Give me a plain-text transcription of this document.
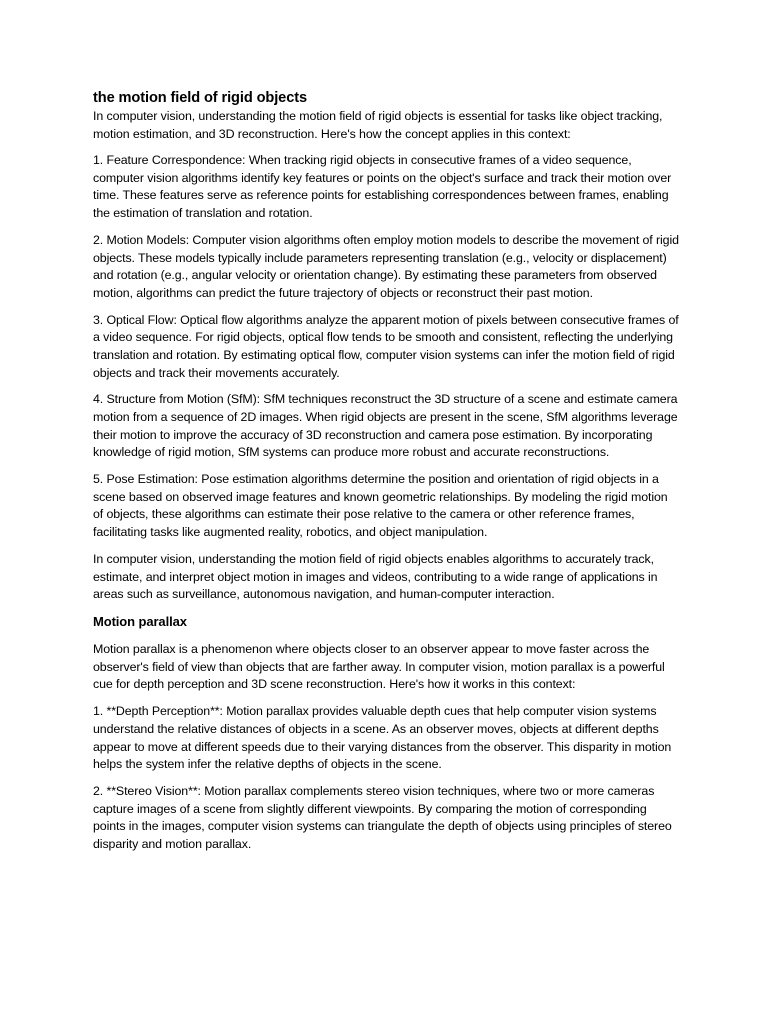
the motion field of rigid objects

In computer vision, understanding the motion field of rigid objects is essential for tasks like object tracking, motion estimation, and 3D reconstruction. Here's how the concept applies in this context:

1. Feature Correspondence: When tracking rigid objects in consecutive frames of a video sequence, computer vision algorithms identify key features or points on the object's surface and track their motion over time. These features serve as reference points for establishing correspondences between frames, enabling the estimation of translation and rotation.

2. Motion Models: Computer vision algorithms often employ motion models to describe the movement of rigid objects. These models typically include parameters representing translation (e.g., velocity or displacement) and rotation (e.g., angular velocity or orientation change). By estimating these parameters from observed motion, algorithms can predict the future trajectory of objects or reconstruct their past motion.

3. Optical Flow: Optical flow algorithms analyze the apparent motion of pixels between consecutive frames of a video sequence. For rigid objects, optical flow tends to be smooth and consistent, reflecting the underlying translation and rotation. By estimating optical flow, computer vision systems can infer the motion field of rigid objects and track their movements accurately.

4. Structure from Motion (SfM): SfM techniques reconstruct the 3D structure of a scene and estimate camera motion from a sequence of 2D images. When rigid objects are present in the scene, SfM algorithms leverage their motion to improve the accuracy of 3D reconstruction and camera pose estimation. By incorporating knowledge of rigid motion, SfM systems can produce more robust and accurate reconstructions.

5. Pose Estimation: Pose estimation algorithms determine the position and orientation of rigid objects in a scene based on observed image features and known geometric relationships. By modeling the rigid motion of objects, these algorithms can estimate their pose relative to the camera or other reference frames, facilitating tasks like augmented reality, robotics, and object manipulation.

In computer vision, understanding the motion field of rigid objects enables algorithms to accurately track, estimate, and interpret object motion in images and videos, contributing to a wide range of applications in areas such as surveillance, autonomous navigation, and human-computer interaction.

Motion parallax

Motion parallax is a phenomenon where objects closer to an observer appear to move faster across the observer's field of view than objects that are farther away. In computer vision, motion parallax is a powerful cue for depth perception and 3D scene reconstruction. Here's how it works in this context:

1. **Depth Perception**: Motion parallax provides valuable depth cues that help computer vision systems understand the relative distances of objects in a scene. As an observer moves, objects at different depths appear to move at different speeds due to their varying distances from the observer. This disparity in motion helps the system infer the relative depths of objects in the scene.

2. **Stereo Vision**: Motion parallax complements stereo vision techniques, where two or more cameras capture images of a scene from slightly different viewpoints. By comparing the motion of corresponding points in the images, computer vision systems can triangulate the depth of objects using principles of stereo disparity and motion parallax.
